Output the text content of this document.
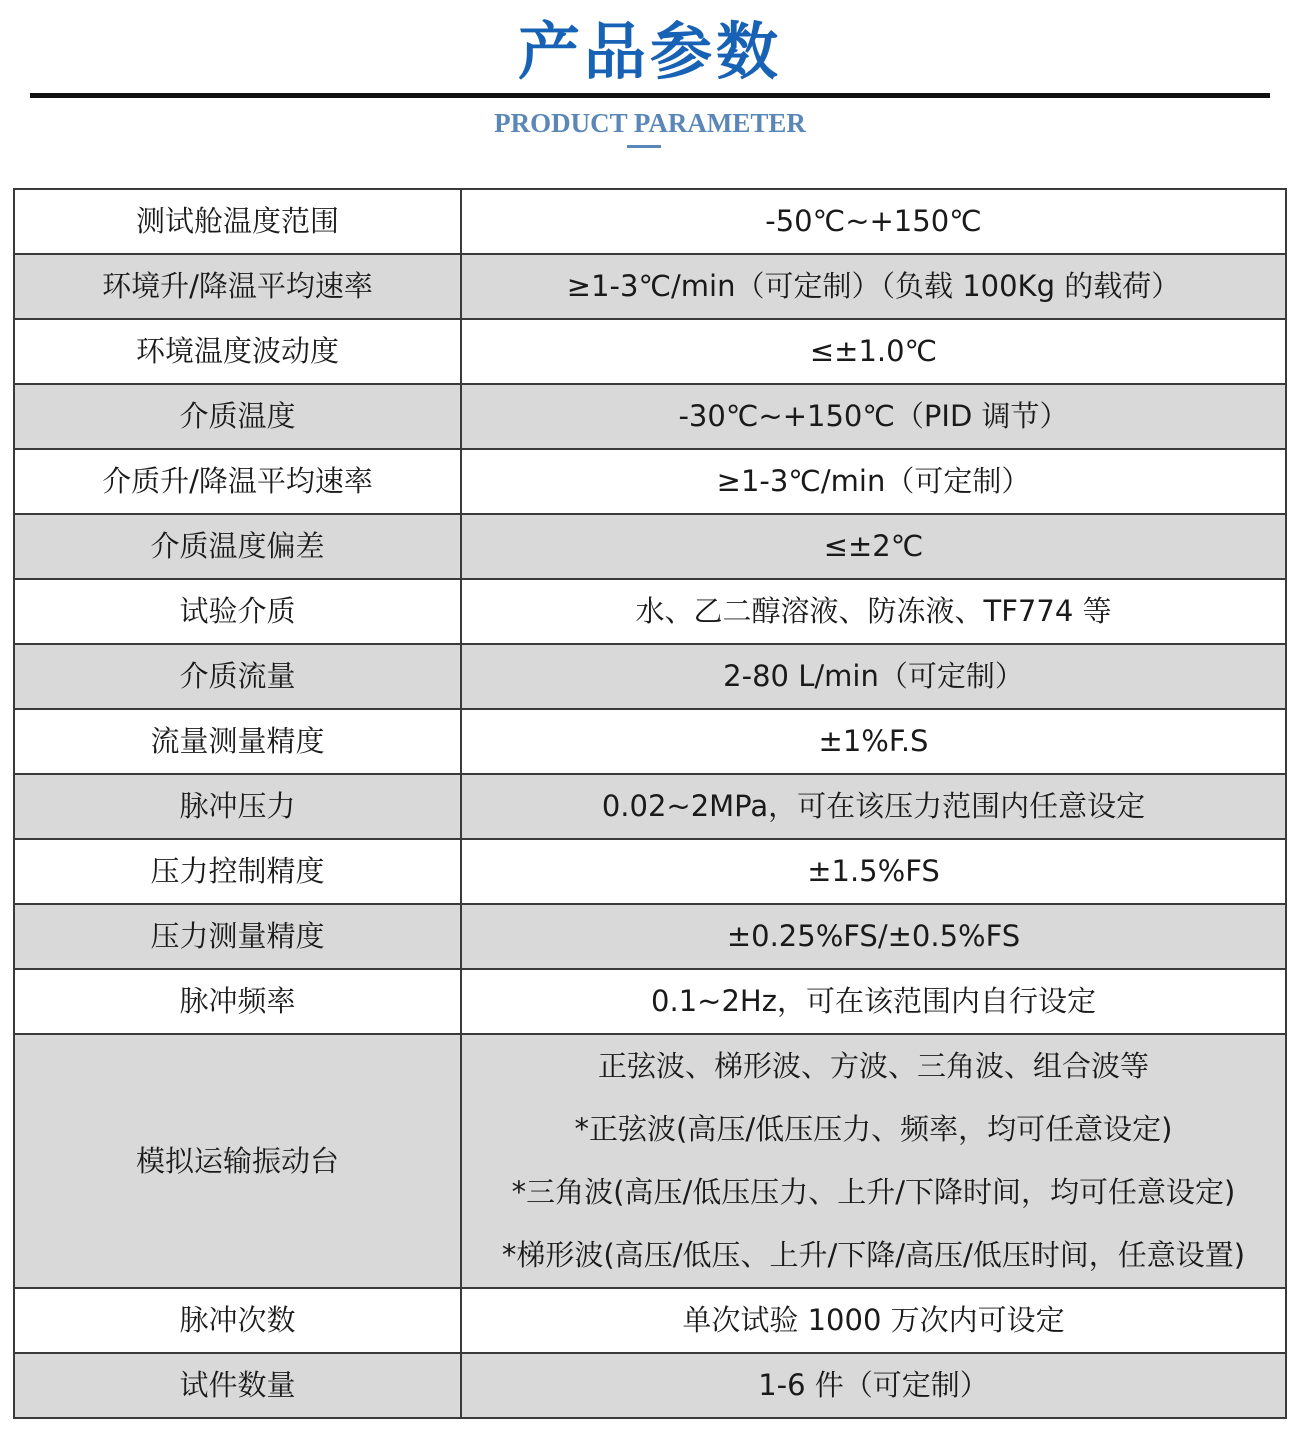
产品参数
PRODUCT PARAMETER
测试舱温度范围	-50℃~+150℃
环境升/降温平均速率	≥1-3℃/min（可定制）（负载 100Kg 的载荷）
环境温度波动度	≤±1.0℃
介质温度	-30℃~+150℃（PID 调节）
介质升/降温平均速率	≥1-3℃/min（可定制）
介质温度偏差	≤±2℃
试验介质	水、乙二醇溶液、防冻液、TF774 等
介质流量	2-80 L/min（可定制）
流量测量精度	±1%F.S
脉冲压力	0.02~2MPa，可在该压力范围内任意设定
压力控制精度	±1.5%FS
压力测量精度	±0.25%FS/±0.5%FS
脉冲频率	0.1~2Hz，可在该范围内自行设定
模拟运输振动台	正弦波、梯形波、方波、三角波、组合波等
*正弦波(高压/低压压力、频率，均可任意设定)
*三角波(高压/低压压力、上升/下降时间，均可任意设定)
*梯形波(高压/低压、上升/下降/高压/低压时间，任意设置)

脉冲次数	单次试验 1000 万次内可设定
试件数量	1-6 件（可定制）
